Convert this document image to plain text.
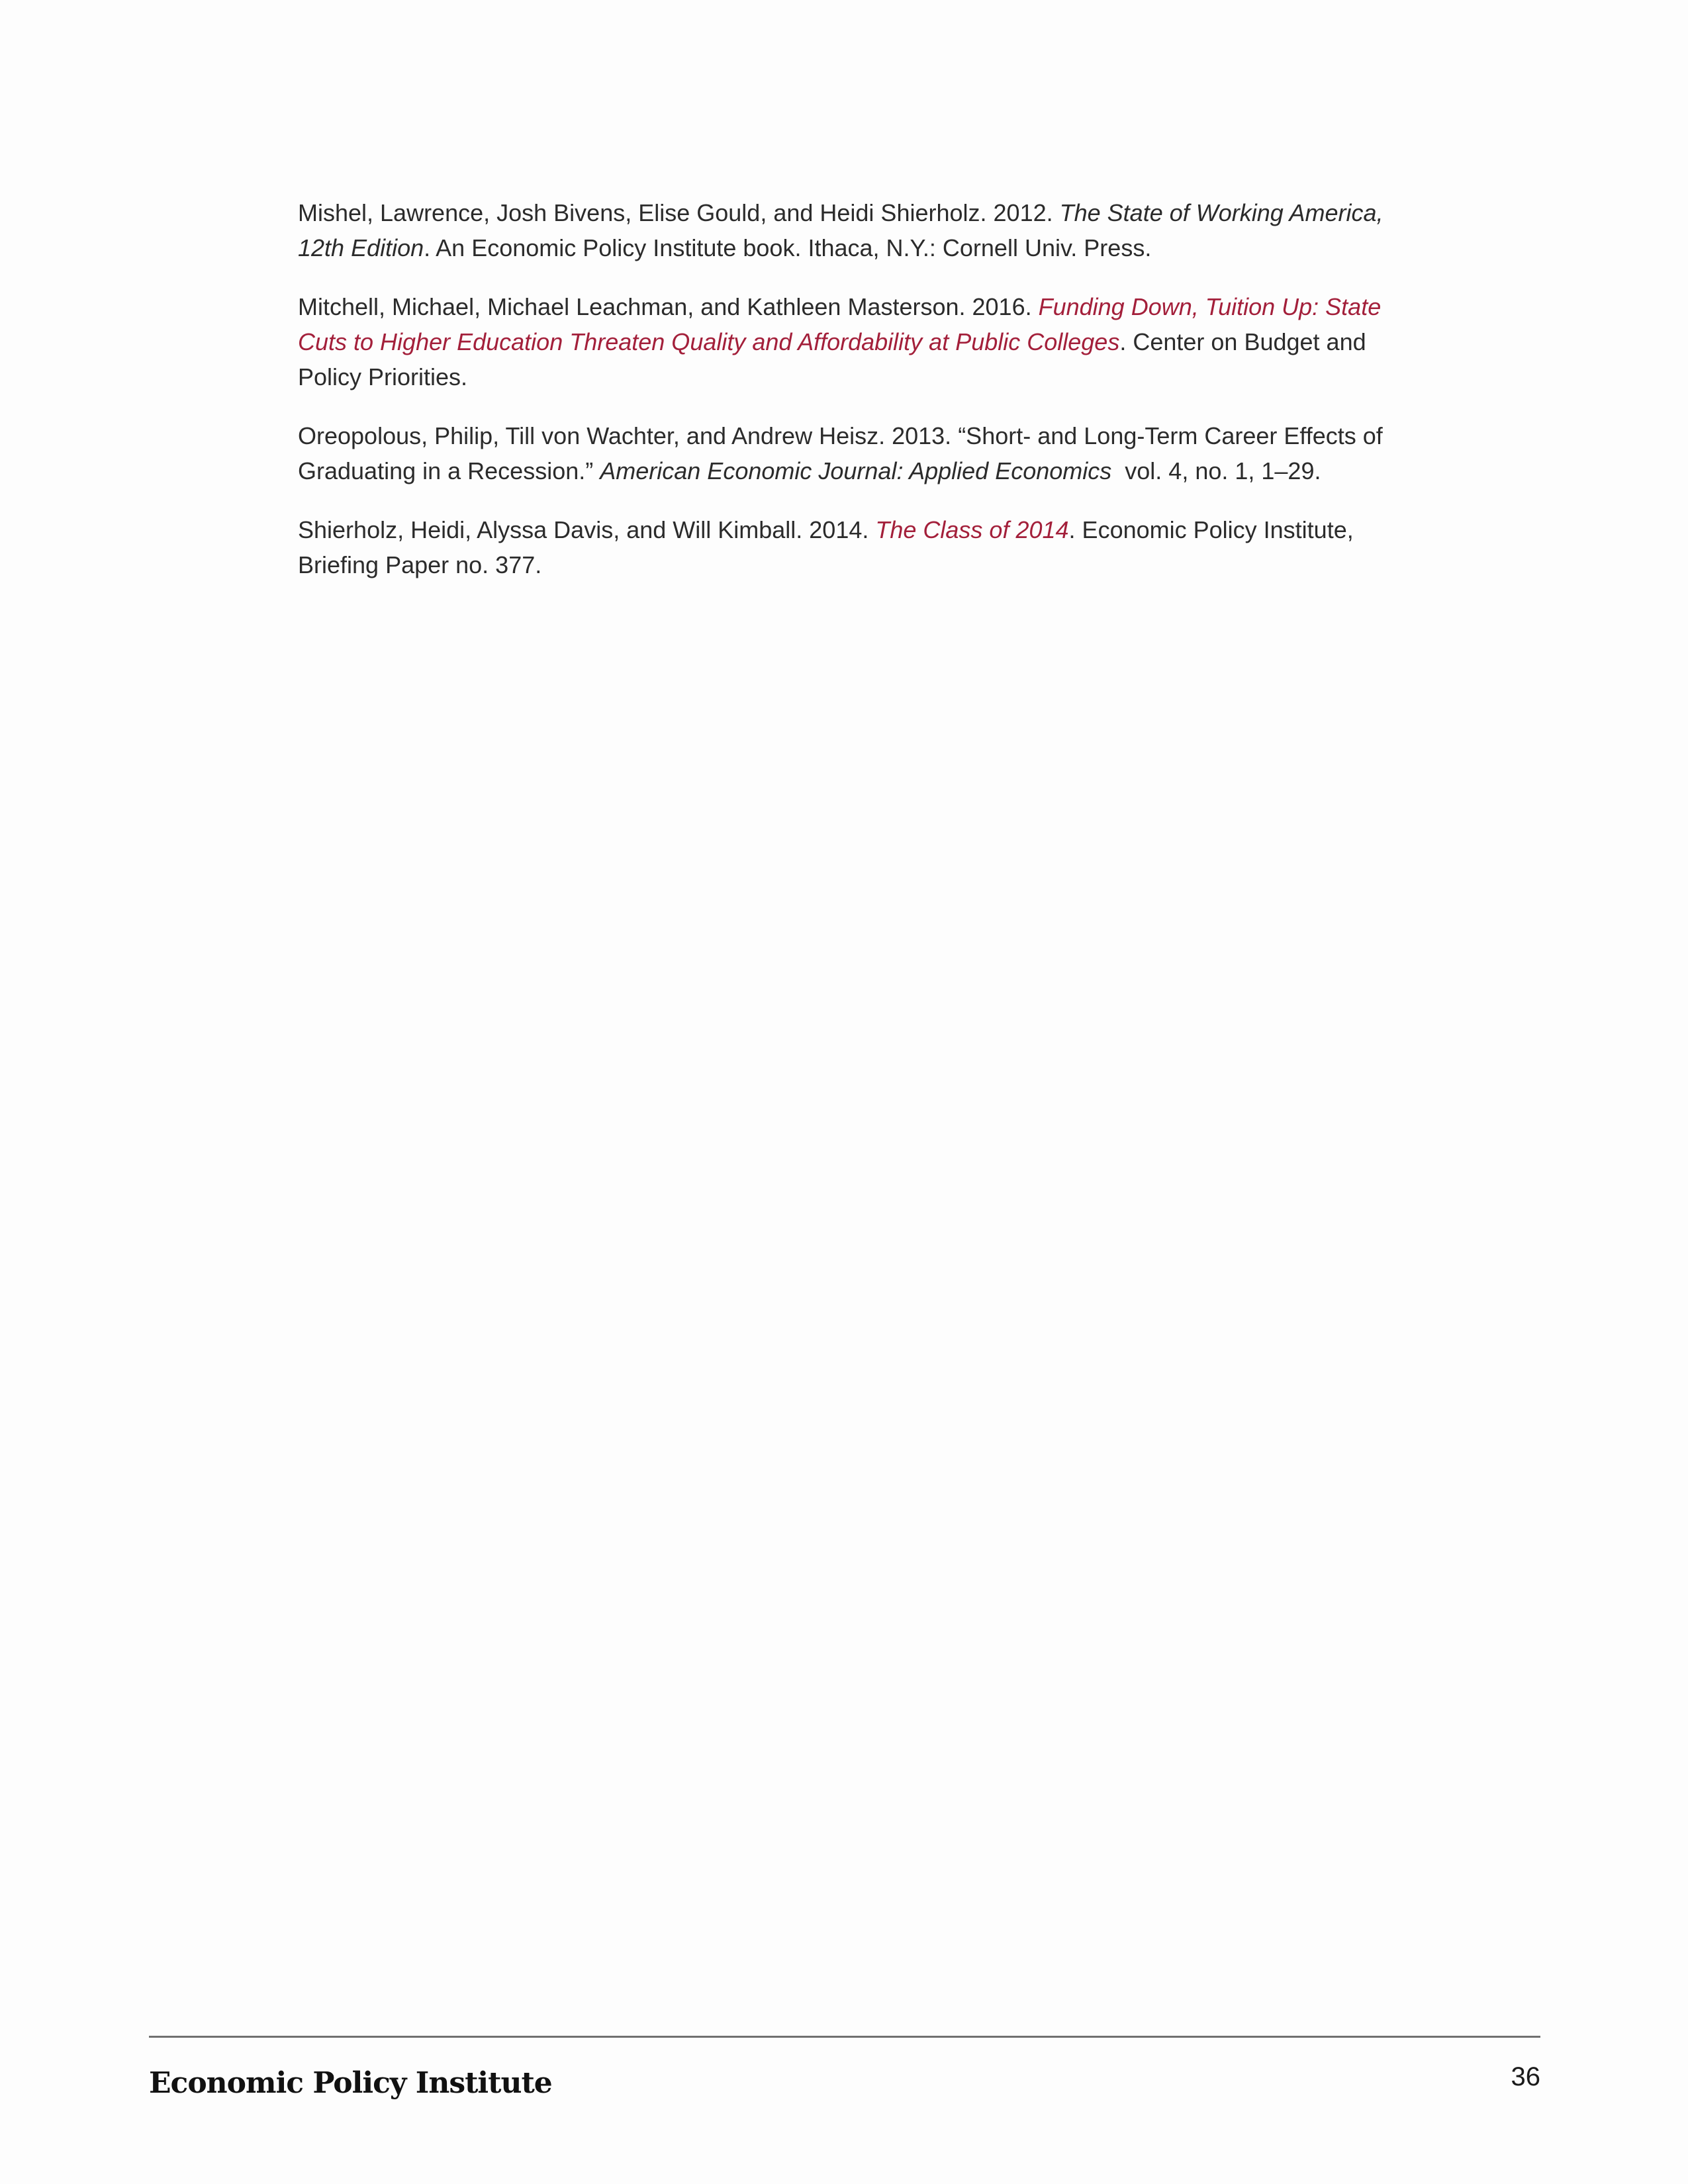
Mishel, Lawrence, Josh Bivens, Elise Gould, and Heidi Shierholz. 2012. The State of Working America, 12th Edition. An Economic Policy Institute book. Ithaca, N.Y.: Cornell Univ. Press.
Mitchell, Michael, Michael Leachman, and Kathleen Masterson. 2016. Funding Down, Tuition Up: State Cuts to Higher Education Threaten Quality and Affordability at Public Colleges. Center on Budget and Policy Priorities.
Oreopolous, Philip, Till von Wachter, and Andrew Heisz. 2013. “Short- and Long-Term Career Effects of Graduating in a Recession.” American Economic Journal: Applied Economics  vol. 4, no. 1, 1–29.
Shierholz, Heidi, Alyssa Davis, and Will Kimball. 2014. The Class of 2014. Economic Policy Institute, Briefing Paper no. 377.
Economic Policy Institute	36
